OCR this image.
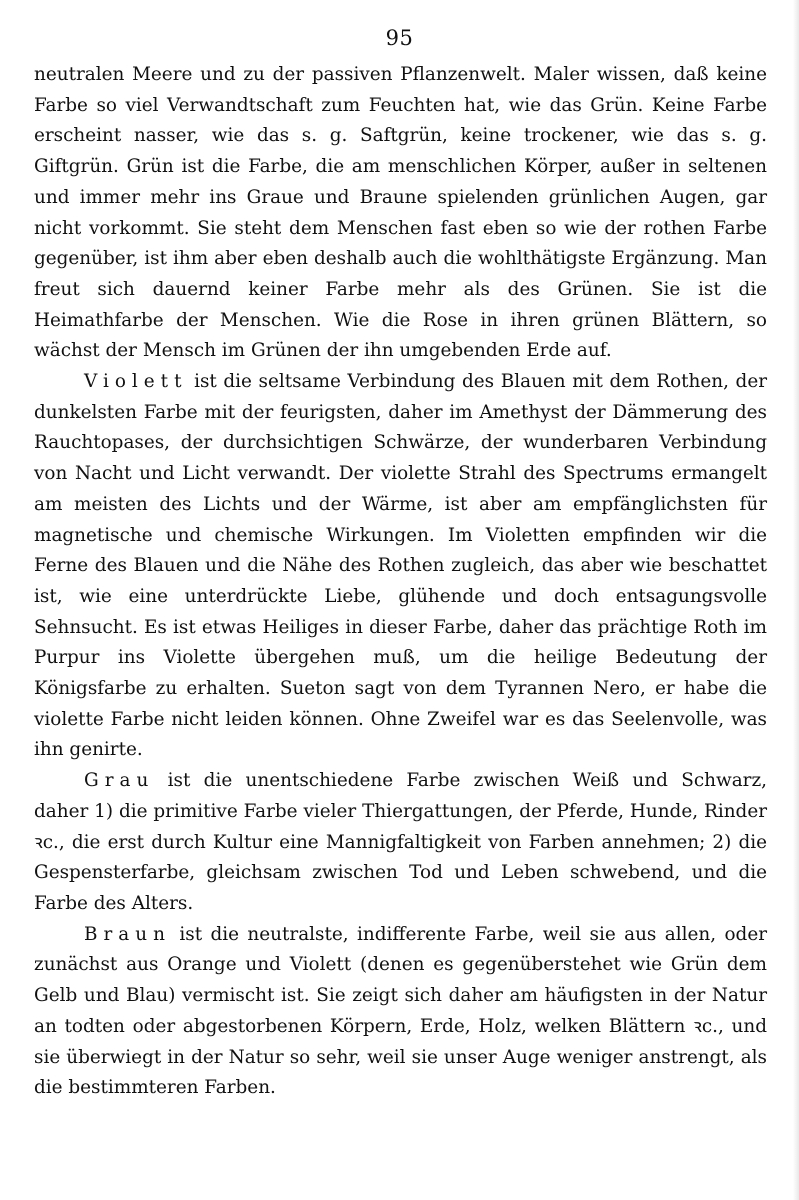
95

neutralen Meere und zu der passiven Pflanzenwelt. Maler wissen, daß keine Farbe so viel Verwandtschaft zum Feuchten hat, wie das Grün. Keine Farbe erscheint nasser, wie das s. g. Saftgrün, keine trockener, wie das s. g. Giftgrün. Grün ist die Farbe, die am menschlichen Körper, außer in seltenen und immer mehr ins Graue und Braune spielenden grünlichen Augen, gar nicht vorkommt. Sie steht dem Menschen fast eben so wie der rothen Farbe gegenüber, ist ihm aber eben deshalb auch die wohlthätigste Ergänzung. Man freut sich dauernd keiner Farbe mehr als des Grünen. Sie ist die Heimathfarbe der Menschen. Wie die Rose in ihren grünen Blättern, so wächst der Mensch im Grünen der ihn umgebenden Erde auf.

Violett ist die seltsame Verbindung des Blauen mit dem Rothen, der dunkelsten Farbe mit der feurigsten, daher im Amethyst der Dämmerung des Rauchtopases, der durchsichtigen Schwärze, der wunderbaren Verbindung von Nacht und Licht verwandt. Der violette Strahl des Spectrums ermangelt am meisten des Lichts und der Wärme, ist aber am empfänglichsten für magnetische und chemische Wirkungen. Im Violetten empfinden wir die Ferne des Blauen und die Nähe des Rothen zugleich, das aber wie beschattet ist, wie eine unterdrückte Liebe, glühende und doch entsagungsvolle Sehnsucht. Es ist etwas Heiliges in dieser Farbe, daher das prächtige Roth im Purpur ins Violette übergehen muß, um die heilige Bedeutung der Königsfarbe zu erhalten. Sueton sagt von dem Tyrannen Nero, er habe die violette Farbe nicht leiden können. Ohne Zweifel war es das Seelenvolle, was ihn genirte.

Grau ist die unentschiedene Farbe zwischen Weiß und Schwarz, daher 1) die primitive Farbe vieler Thiergattungen, der Pferde, Hunde, Rinder ꝛc., die erst durch Kultur eine Mannigfaltigkeit von Farben annehmen; 2) die Gespensterfarbe, gleichsam zwischen Tod und Leben schwebend, und die Farbe des Alters.

Braun ist die neutralste, indifferente Farbe, weil sie aus allen, oder zunächst aus Orange und Violett (denen es gegenüberstehet wie Grün dem Gelb und Blau) vermischt ist. Sie zeigt sich daher am häufigsten in der Natur an todten oder abgestorbenen Körpern, Erde, Holz, welken Blättern ꝛc., und sie überwiegt in der Natur so sehr, weil sie unser Auge weniger anstrengt, als die bestimmteren Farben.
